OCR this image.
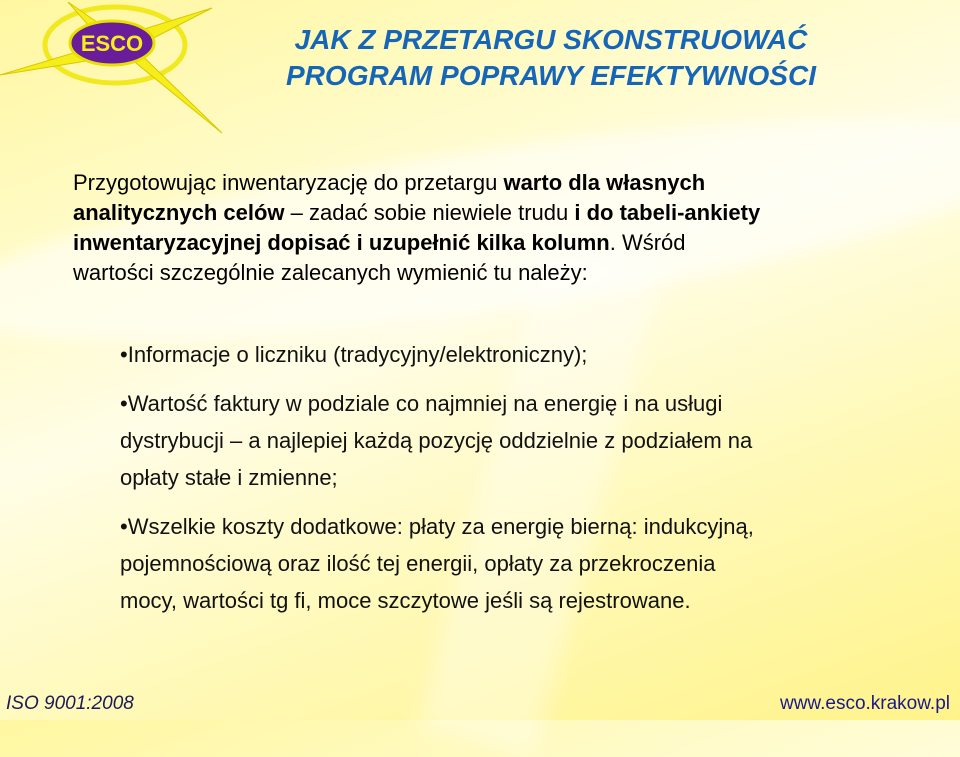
ESCO	JAK Z PRZETARGU SKONSTRUOWAĆ
PROGRAM POPRAWY EFEKTYWNOŚCI
Przygotowując inwentaryzację do przetargu warto dla własnych
analitycznych celów – zadać sobie niewiele trudu i do tabeli-ankiety
inwentaryzacyjnej dopisać i uzupełnić kilka kolumn. Wśród
wartości szczególnie zalecanych wymienić tu należy:
•Informacje o liczniku (tradycyjny/elektroniczny);
•Wartość faktury w podziale co najmniej na energię i na usługi
dystrybucji – a najlepiej każdą pozycję oddzielnie z podziałem na
opłaty stałe i zmienne;
•Wszelkie koszty dodatkowe: płaty za energię bierną: indukcyjną,
pojemnościową oraz ilość tej energii, opłaty za przekroczenia
mocy, wartości tg fi, moce szczytowe jeśli są rejestrowane.
ISO 9001:2008	www.esco.krakow.pl
